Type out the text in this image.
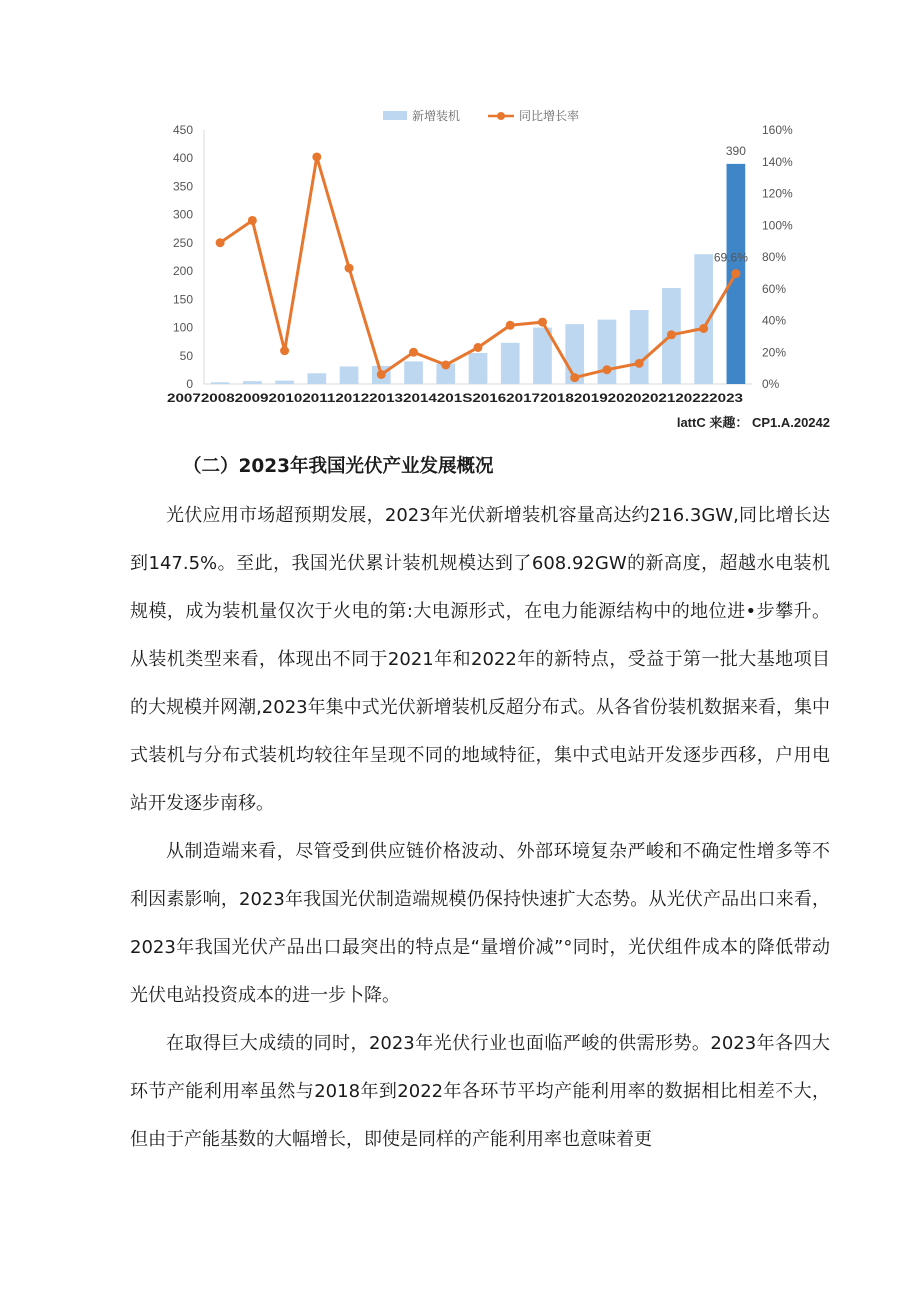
新增装机	同比增长率
0
50
100
150
200
250
300
350
400
450
0%
20%
40%
60%
80%
100%
120%
140%
160%
390
69.6%
20072008200920102011201220132014201S2016201720182019202020212022​2023
lattC 来趣： CP1.A.20242
（二）2023年我国光伏产业发展概况

光伏应用市场超预期发展，2023年光伏新增装机容量高达约216.3GW,同比增长达到147.5%。至此，我国光伏累计装机规模达到了608.92GW的新高度，超越水电装机规模，成为装机量仅次于火电的第:大电源形式，在电力能源结构中的地位进•步攀升。从装机类型来看，体现出不同于2021年和2022年的新特点，受益于第一批大基地项目的大规模并网潮,2023年集中式光伏新增装机反超分布式。从各省份装机数据来看，集中式装机与分布式装机均较往年呈现不同的地域特征，集中式电站开发逐步西移，户用电站开发逐步南移。

从制造端来看，尽管受到供应链价格波动、外部环境复杂严峻和不确定性增多等不利因素影响，2023年我国光伏制造端规模仍保持快速扩大态势。从光伏产品出口来看，2023年我国光伏产品出口最突出的特点是“量增价减”°同时，光伏组件成本的降低带动光伏电站投资成本的进一步卜降。

在取得巨大成绩的同时，2023年光伏行业也面临严峻的供需形势。2023年各四大环节产能利用率虽然与2018年到2022年各环节平均产能利用率的数据相比相差不大，但由于产能基数的大幅增长，即使是同样的产能利用率也意味着更
